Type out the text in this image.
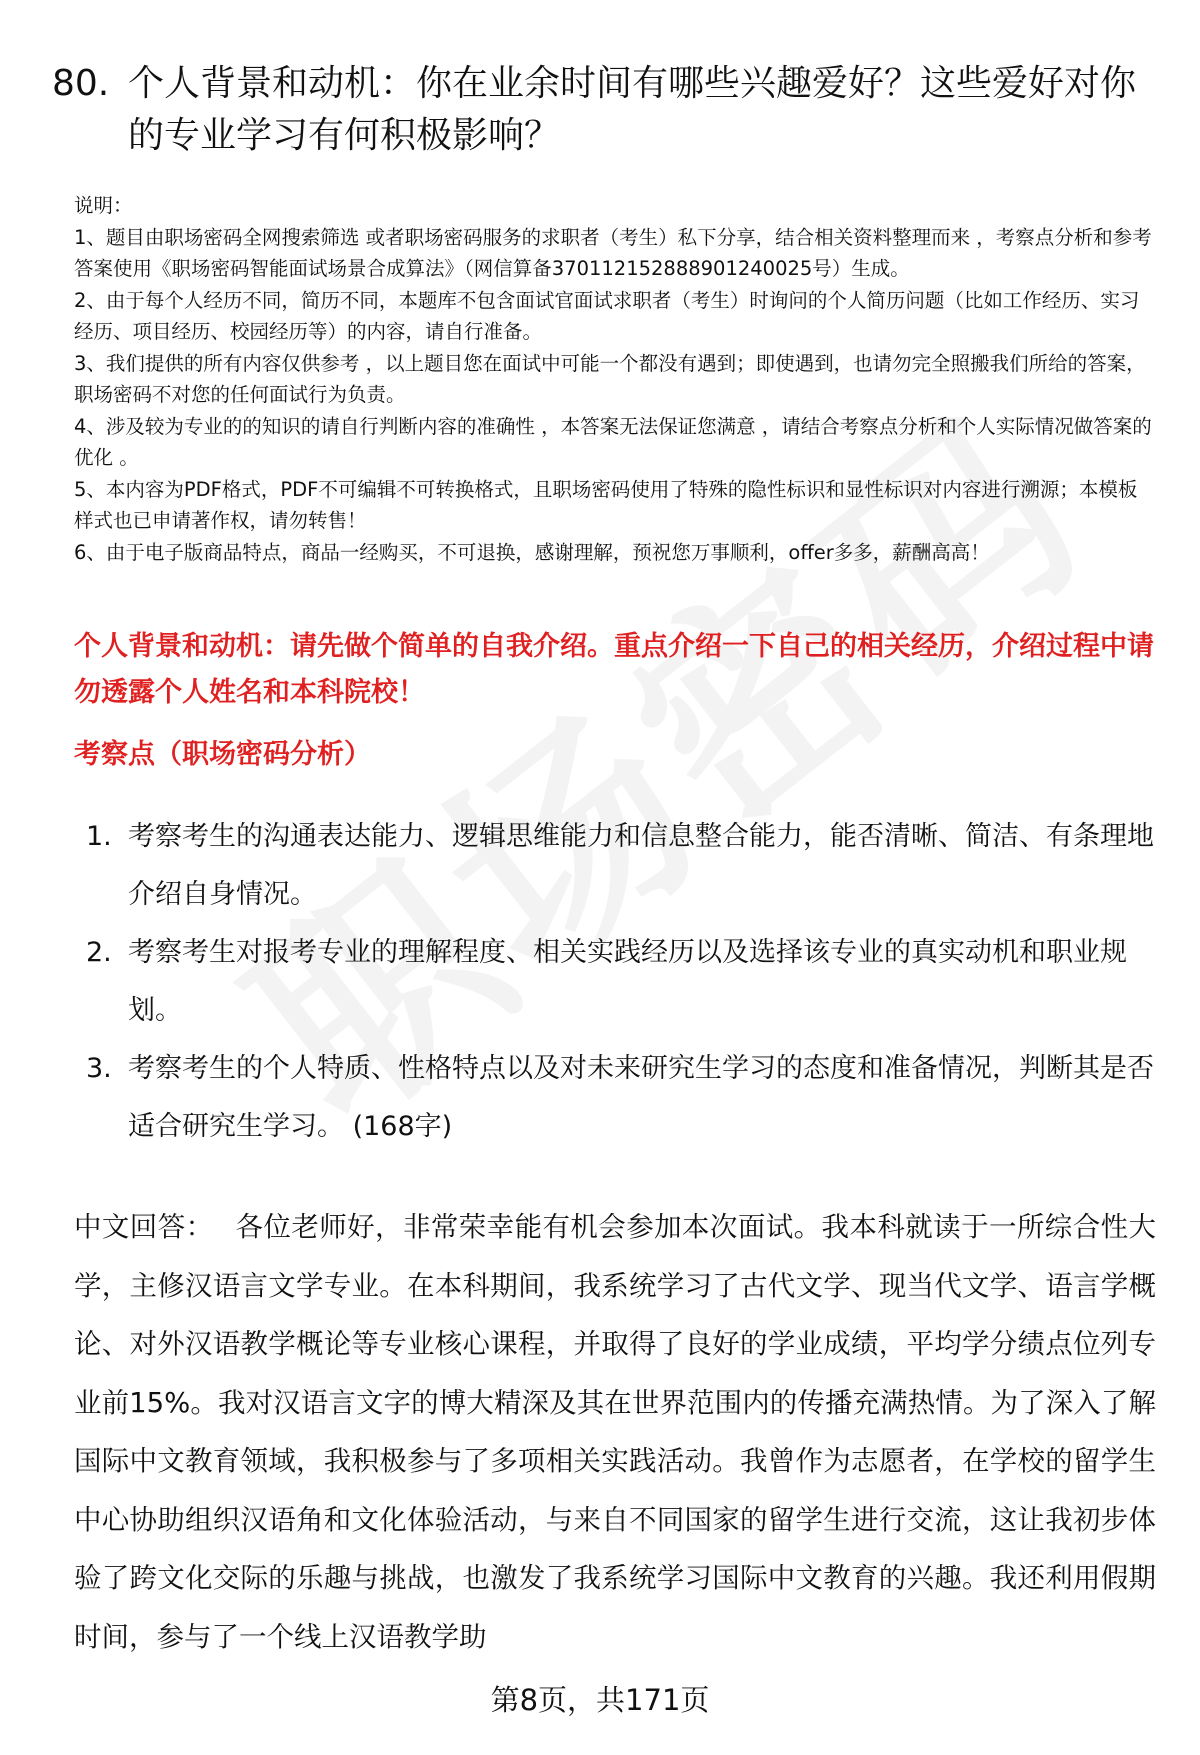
80. 个人背景和动机：你在业余时间有哪些兴趣爱好？这些爱好对你的专业学习有何积极影响？
说明：
1、题目由职场密码全网搜索筛选 或者职场密码服务的求职者（考生）私下分享，结合相关资料整理而来 ，考察点分析和参考答案使用《职场密码智能面试场景合成算法》（网信算备370112152888901240025号）生成。
2、由于每个人经历不同，简历不同，本题库不包含面试官面试求职者（考生）时询问的个人简历问题（比如工作经历、实习经历、项目经历、校园经历等）的内容，请自行准备。
3、我们提供的所有内容仅供参考 ，以上题目您在面试中可能一个都没有遇到；即使遇到，也请勿完全照搬我们所给的答案，职场密码不对您的任何面试行为负责。
4、涉及较为专业的的知识的请自行判断内容的准确性 ，本答案无法保证您满意 ，请结合考察点分析和个人实际情况做答案的优化 。
5、本内容为PDF格式，PDF不可编辑不可转换格式，且职场密码使用了特殊的隐性标识和显性标识对内容进行溯源；本模板样式也已申请著作权，请勿转售！
6、由于电子版商品特点，商品一经购买，不可退换，感谢理解，预祝您万事顺利，offer多多，薪酬高高！
个人背景和动机：请先做个简单的自我介绍。重点介绍一下自己的相关经历，介绍过程中请勿透露个人姓名和本科院校！
考察点（职场密码分析）
1. 考察考生的沟通表达能力、逻辑思维能力和信息整合能力，能否清晰、简洁、有条理地介绍自身情况。
2. 考察考生对报考专业的理解程度、相关实践经历以及选择该专业的真实动机和职业规划。
3. 考察考生的个人特质、性格特点以及对未来研究生学习的态度和准备情况，判断其是否适合研究生学习。 (168字)
中文回答： 各位老师好，非常荣幸能有机会参加本次面试。我本科就读于一所综合性大学，主修汉语言文学专业。在本科期间，我系统学习了古代文学、现当代文学、语言学概论、对外汉语教学概论等专业核心课程，并取得了良好的学业成绩，平均学分绩点位列专业前15%。我对汉语言文字的博大精深及其在世界范围内的传播充满热情。为了深入了解国际中文教育领域，我积极参与了多项相关实践活动。我曾作为志愿者，在学校的留学生中心协助组织汉语角和文化体验活动，与来自不同国家的留学生进行交流，这让我初步体验了跨文化交际的乐趣与挑战，也激发了我系统学习国际中文教育的兴趣。我还利用假期时间，参与了一个线上汉语教学助
第8页，共171页
